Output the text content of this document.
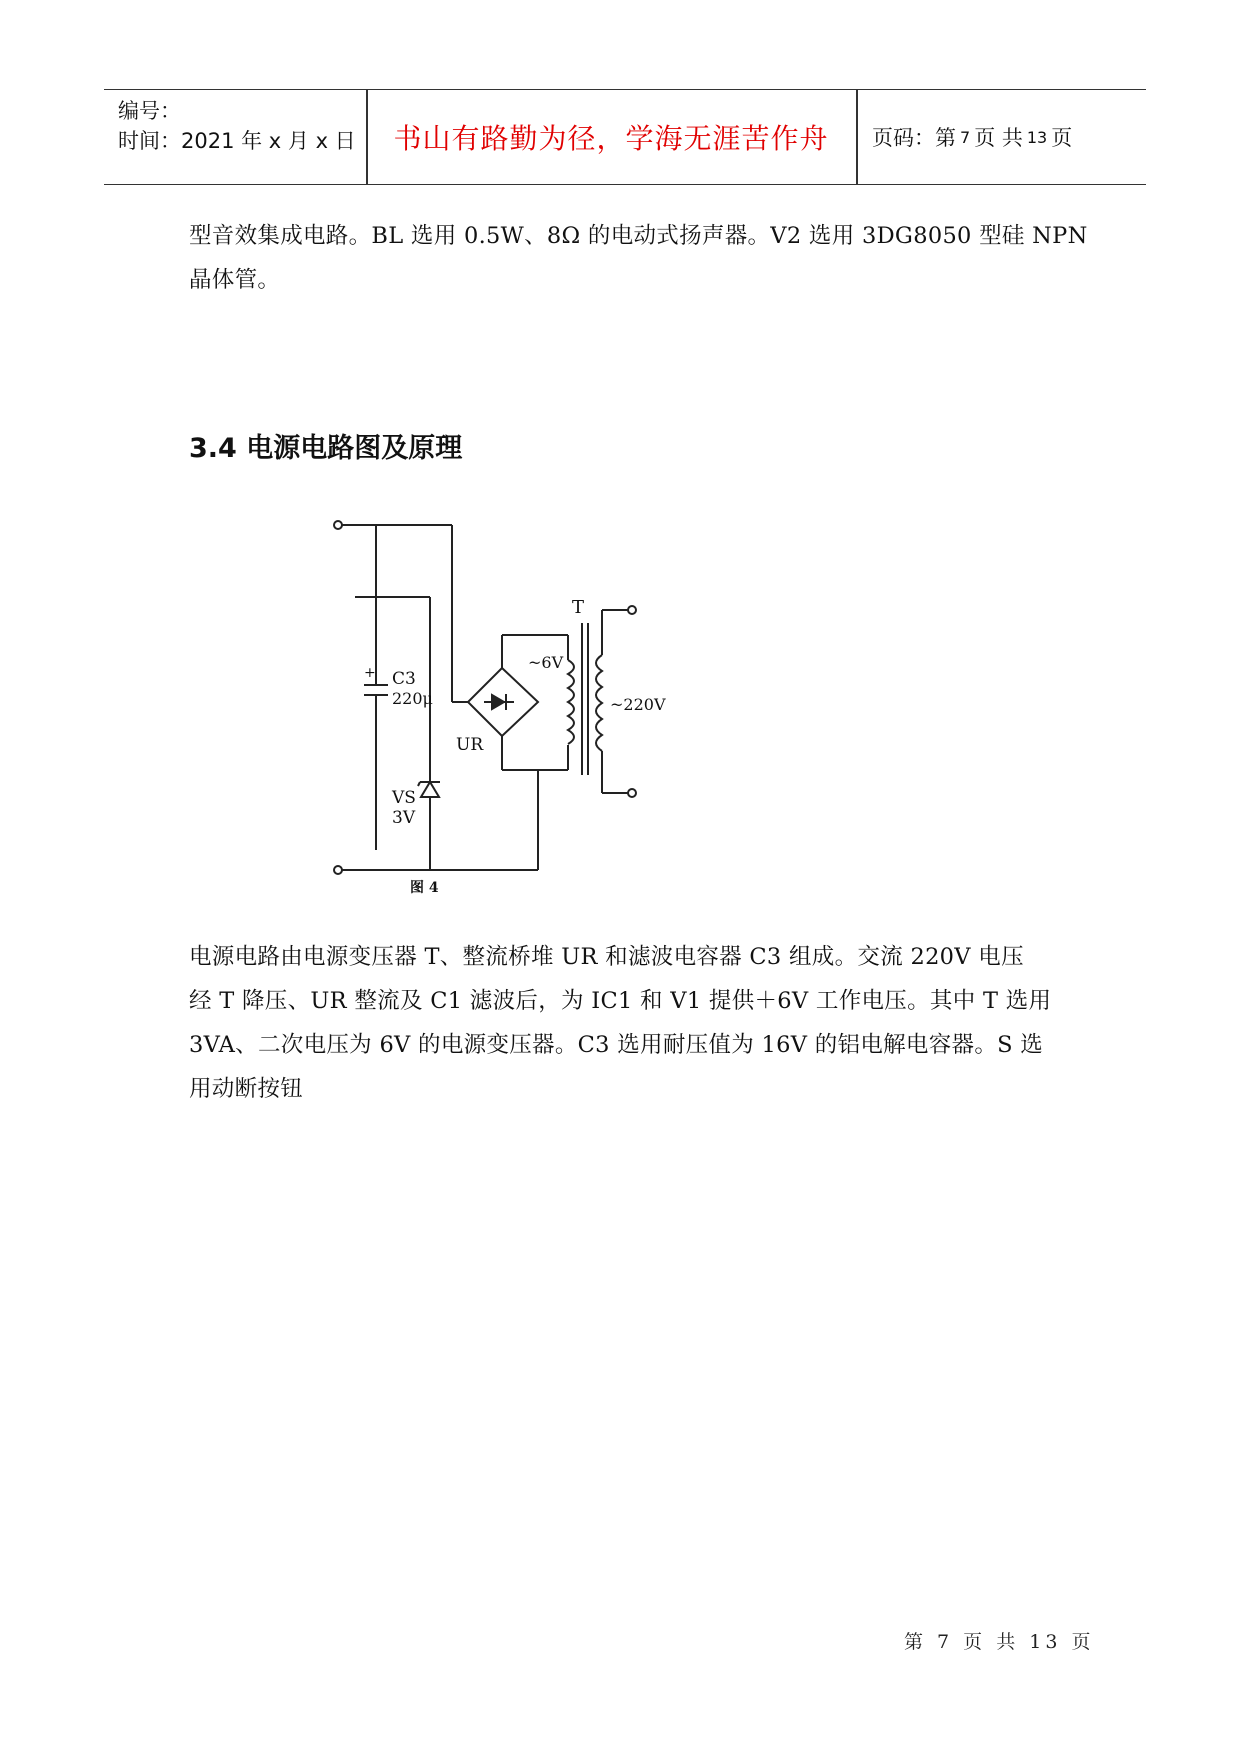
编号：
时间：2021 年 x 月 x 日	书山有路勤为径，学海无涯苦作舟	页码：第 7 页 共 13 页
型音效集成电路。BL 选用 0.5W、8Ω 的电动式扬声器。V2 选用 3DG8050 型硅 NPN
晶体管。
3.4 电源电路图及原理
T
~6V
~220V
+ C3
220μ
UR
VS
3V
图 4
电源电路由电源变压器 T、整流桥堆 UR 和滤波电容器 C3 组成。交流 220V 电压
经 T 降压、UR 整流及 C1 滤波后，为 IC1 和 V1 提供＋6V 工作电压。其中 T 选用
3VA、二次电压为 6V 的电源变压器。C3 选用耐压值为 16V 的铝电解电容器。S 选
用动断按钮
第 7 页 共 13 页
